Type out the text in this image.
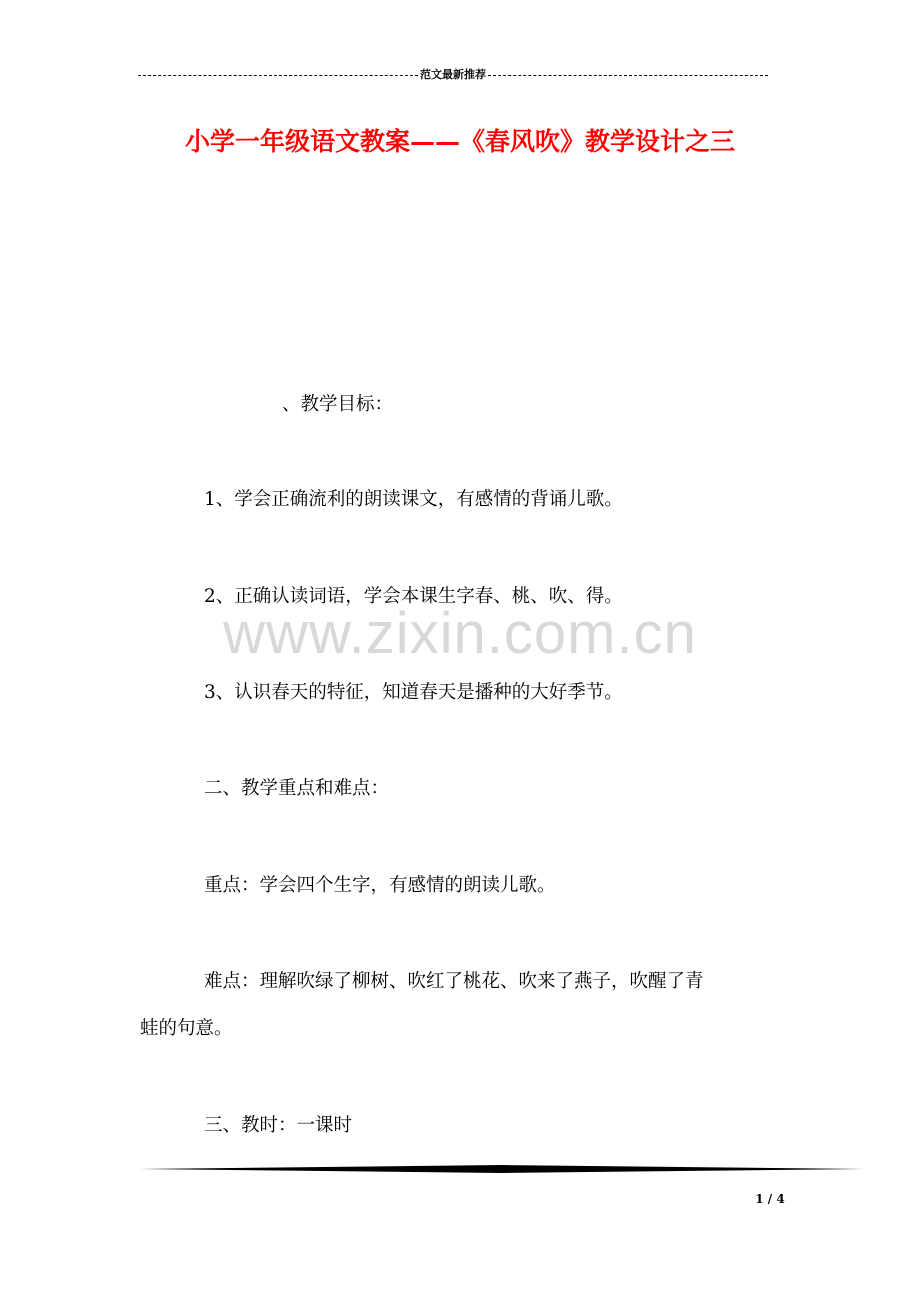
范文最新推荐
小学一年级语文教案——《春风吹》教学设计之三
www.zixin.com.cn
、教学目标：
1、学会正确流利的朗读课文，有感情的背诵儿歌。
2、正确认读词语，学会本课生字春、桃、吹、得。
3、认识春天的特征，知道春天是播种的大好季节。
二、教学重点和难点：
重点：学会四个生字，有感情的朗读儿歌。
难点：理解吹绿了柳树、吹红了桃花、吹来了燕子，吹醒了青
蛙的句意。
三、教时：一课时
1 / 4
